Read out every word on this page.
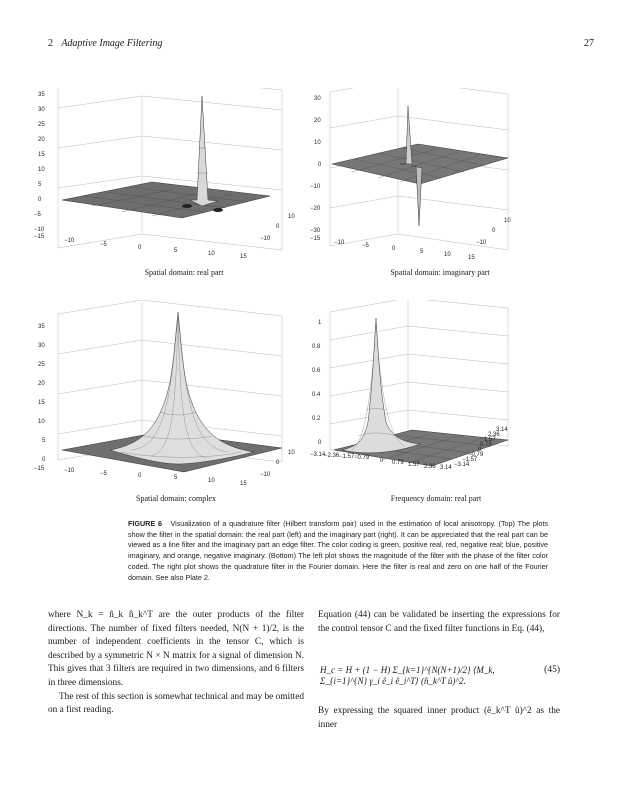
2 Adaptive Image Filtering	27
35
30
25
20
15
10
5
0
−5
−10
−15
−10
−5	0	5	10	15
10
0
−10
Spatial domain: real part
30
20
10
0
−10
−20
−30
−15
−10	−5	0	5	10	15
10
0
−10
Spatial domain: imaginary part
35
30
25
20
15
10
5
0
−15	−10	−5	0	5	10	15
10
0
−10
Spatial domain: complex
1
0.8
0.6
0.4
0.2
0
−3.14
−2.36 −1.57 −0.79 0 0.79 1.57 2.36 3.14
3.14
2.36
1.57
0.79
0
−0.79
−1.57
−3.14
Frequency domain: real part
FIGURE 6 Visualization of a quadrature filter (Hilbert transform pair) used in the estimation of local anisotropy. (Top) The plots show the filter in the spatial domain: the real part (left) and the imaginary part (right). It can be appreciated that the real part can be viewed as a line filter and the imaginary part an edge filter. The color coding is green, positive real, red, negative real; blue, positive imaginary, and orange, negative imaginary. (Bottom) The left plot shows the magnitude of the filter with the phase of the filter color coded. The right plot shows the quadrature filter in the Fourier domain. Here the filter is real and zero on one half of the Fourier domain. See also Plate 2.

where N_k = n̂_k n̂_k^T are the outer products of the filter directions. The number of fixed filters needed, N(N + 1)/2, is the number of independent coefficients in the tensor C, which is described by a symmetric N × N matrix for a signal of dimension N. This gives that 3 filters are required in two dimensions, and 6 filters in three dimensions.

The rest of this section is somewhat technical and may be omitted on a first reading.

Equation (44) can be validated be inserting the expressions for the control tensor C and the fixed filter functions in Eq. (44),

H_c = H + (1 − H) Σ_{k=1}^{N(N+1)/2} ⟨M_k, Σ_{i=1}^{N} γ_i ê_i ê_i^T⟩ (n̂_k^T û)^2.
(45)

By expressing the squared inner product (ê_k^T û)^2 as the inner
